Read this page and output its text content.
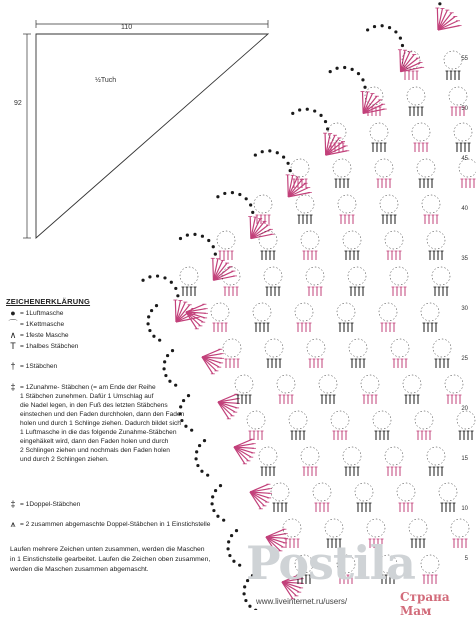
110
92
½Tuch
5
10
15
20
25
30
35
40
45
50
55
ZEICHENERKLÄRUNG
● = 1Luftmasche
⌒ = 1Kettmasche
∧ = 1feste Masche
T = 1halbes Stäbchen
† = 1Stäbchen
‡ = 1Zunahme- Stäbchen (= am Ende der Reihe
1 Stäbchen zunehmen. Dafür 1 Umschlag auf
die Nadel legen, in den Fuß des letzten Stäbchens
einstechen und den Faden durchholen, dann den Faden
holen und durch 1 Schlinge ziehen. Dadurch bildet sich
1 Luftmasche in die das folgende Zunahme-Stäbchen
eingehäkelt wird, dann den Faden holen und durch
2 Schlingen ziehen und nochmals den Faden holen
und durch 2 Schlingen ziehen.
‡ = 1Doppel-Stäbchen
⩚ = 2 zusammen abgemaschte Doppel-Stäbchen in 1 Einstichstelle
Laufen mehrere Zeichen unten zusammen, werden die Maschen
in 1 Einstichstelle gearbeitet. Laufen die Zeichen oben zusammen,
werden die Maschen zusammen abgemascht.	Postila
Страна Мам
www.liveinternet.ru/users/
